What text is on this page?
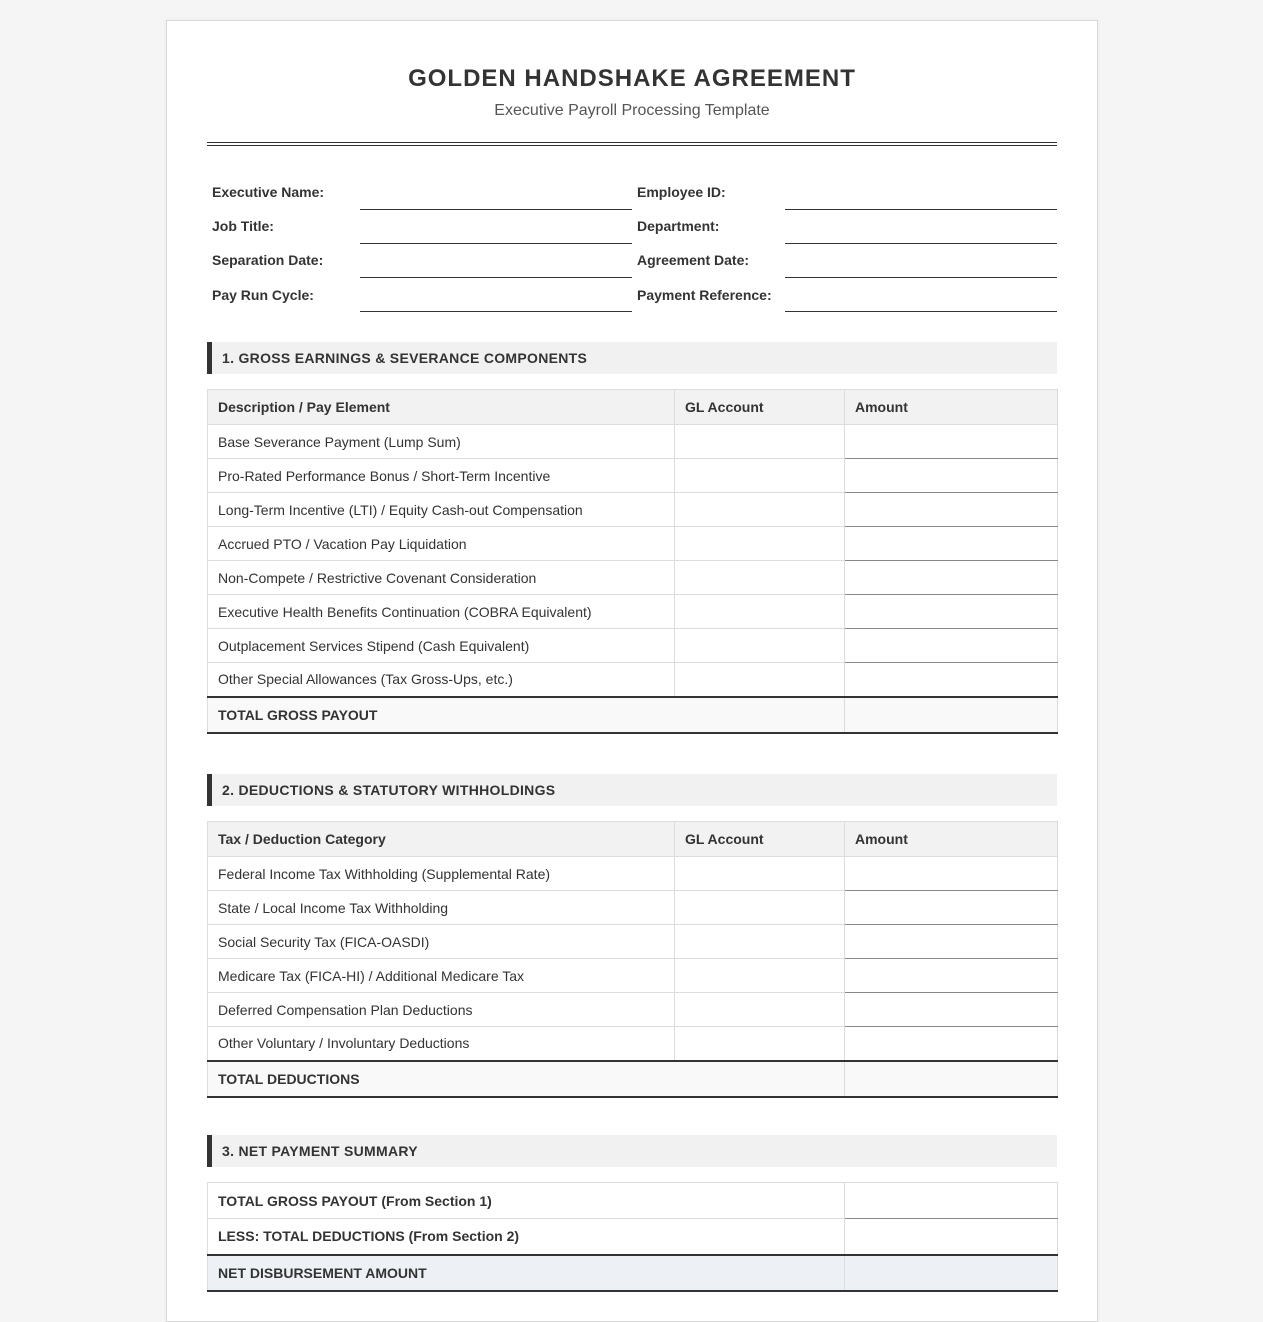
GOLDEN HANDSHAKE AGREEMENT
Executive Payroll Processing Template
Executive Name:	Employee ID:
Job Title:	Department:
Separation Date:	Agreement Date:
Pay Run Cycle:	Payment Reference:
1. GROSS EARNINGS & SEVERANCE COMPONENTS
Description / Pay Element	GL Account	Amount
Base Severance Payment (Lump Sum)		
Pro-Rated Performance Bonus / Short-Term Incentive		
Long-Term Incentive (LTI) / Equity Cash-out Compensation		
Accrued PTO / Vacation Pay Liquidation		
Non-Compete / Restrictive Covenant Consideration		
Executive Health Benefits Continuation (COBRA Equivalent)		
Outplacement Services Stipend (Cash Equivalent)		
Other Special Allowances (Tax Gross-Ups, etc.)		
TOTAL GROSS PAYOUT		
2. DEDUCTIONS & STATUTORY WITHHOLDINGS
Tax / Deduction Category	GL Account	Amount
Federal Income Tax Withholding (Supplemental Rate)		
State / Local Income Tax Withholding		
Social Security Tax (FICA-OASDI)		
Medicare Tax (FICA-HI) / Additional Medicare Tax		
Deferred Compensation Plan Deductions		
Other Voluntary / Involuntary Deductions		
TOTAL DEDUCTIONS		
3. NET PAYMENT SUMMARY
TOTAL GROSS PAYOUT (From Section 1)	
LESS: TOTAL DEDUCTIONS (From Section 2)	
NET DISBURSEMENT AMOUNT	
